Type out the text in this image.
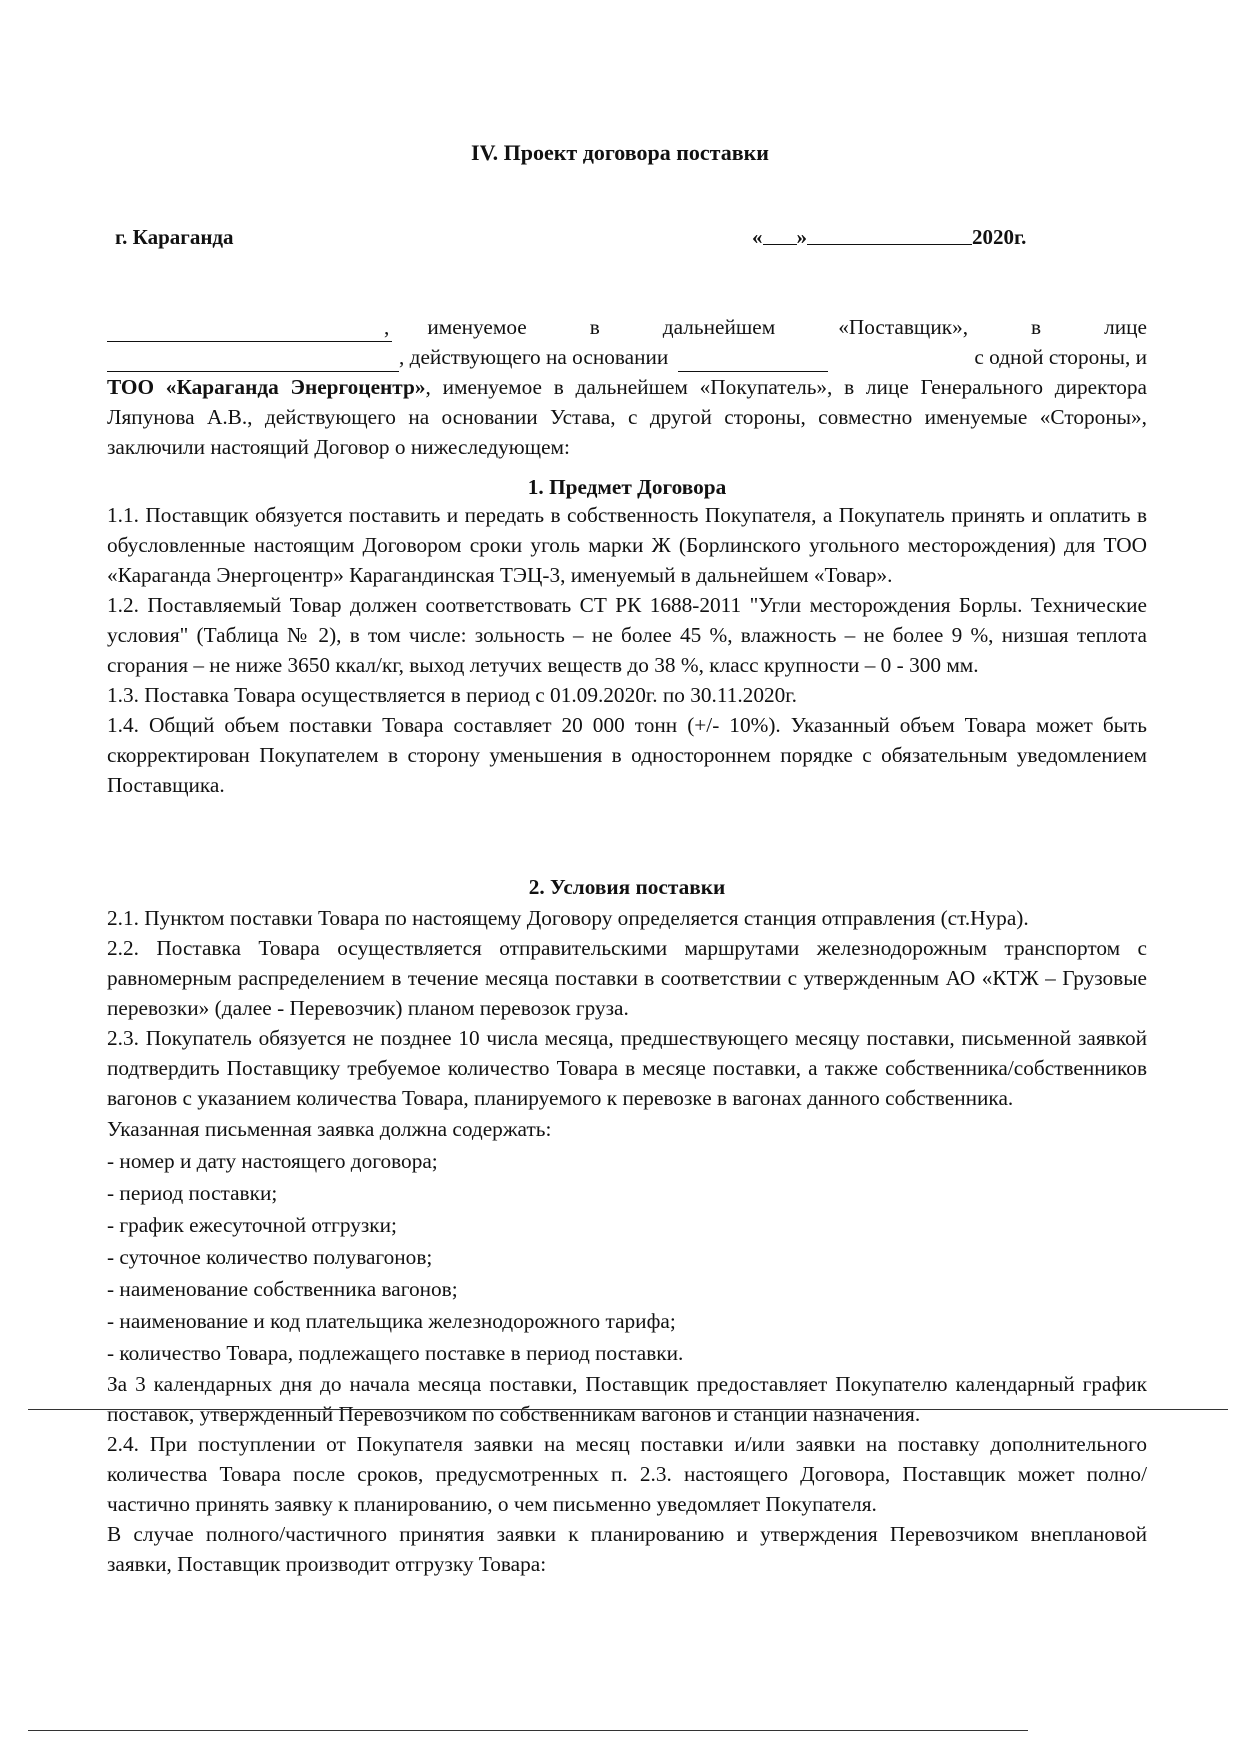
IV. Проект договора поставки
г. Караганда	« »	2020г.
, именуемое в дальнейшем «Поставщик», в лице
, действующего на основании	с одной стороны, и

ТОО «Караганда Энергоцентр», именуемое в дальнейшем «Покупатель», в лице Генерального директора Ляпунова А.В., действующего на основании Устава, с другой стороны, совместно именуемые «Стороны», заключили настоящий Договор о нижеследующем:

1. Предмет Договора

1.1. Поставщик обязуется поставить и передать в собственность Покупателя, а Покупатель принять и оплатить в обусловленные настоящим Договором сроки уголь марки Ж (Борлинского угольного месторождения) для ТОО «Караганда Энергоцентр» Карагандинская ТЭЦ-3, именуемый в дальнейшем «Товар».

1.2. Поставляемый Товар должен соответствовать СТ РК 1688-2011 "Угли месторождения Борлы. Технические условия" (Таблица № 2), в том числе: зольность – не более 45 %, влажность – не более 9 %, низшая теплота сгорания – не ниже 3650 ккал/кг, выход летучих веществ до 38 %, класс крупности – 0 - 300 мм.

1.3. Поставка Товара осуществляется в период с 01.09.2020г. по 30.11.2020г.

1.4. Общий объем поставки Товара составляет 20 000 тонн (+/- 10%). Указанный объем Товара может быть скорректирован Покупателем в сторону уменьшения в одностороннем порядке с обязательным уведомлением Поставщика.

2. Условия поставки

2.1. Пунктом поставки Товара по настоящему Договору определяется станция отправления (ст.Нура).

2.2. Поставка Товара осуществляется отправительскими маршрутами железнодорожным транспортом с равномерным распределением в течение месяца поставки в соответствии с утвержденным АО «КТЖ – Грузовые перевозки» (далее - Перевозчик) планом перевозок груза.

2.3. Покупатель обязуется не позднее 10 числа месяца, предшествующего месяцу поставки, письменной заявкой подтвердить Поставщику требуемое количество Товара в месяце поставки, а также собственника/собственников вагонов с указанием количества Товара, планируемого к перевозке в вагонах данного собственника.

Указанная письменная заявка должна содержать:

- номер и дату настоящего договора;

- период поставки;

- график ежесуточной отгрузки;

- суточное количество полувагонов;

- наименование собственника вагонов;

- наименование и код плательщика железнодорожного тарифа;

- количество Товара, подлежащего поставке в период поставки.

За 3 календарных дня до начала месяца поставки, Поставщик предоставляет Покупателю календарный график поставок, утвержденный Перевозчиком по собственникам вагонов и станции назначения.

2.4. При поступлении от Покупателя заявки на месяц поставки и/или заявки на поставку дополнительного количества Товара после сроков, предусмотренных п. 2.3. настоящего Договора, Поставщик может полно/частично принять заявку к планированию, о чем письменно уведомляет Покупателя.

В случае полного/частичного принятия заявки к планированию и утверждения Перевозчиком внеплановой заявки, Поставщик производит отгрузку Товара:
